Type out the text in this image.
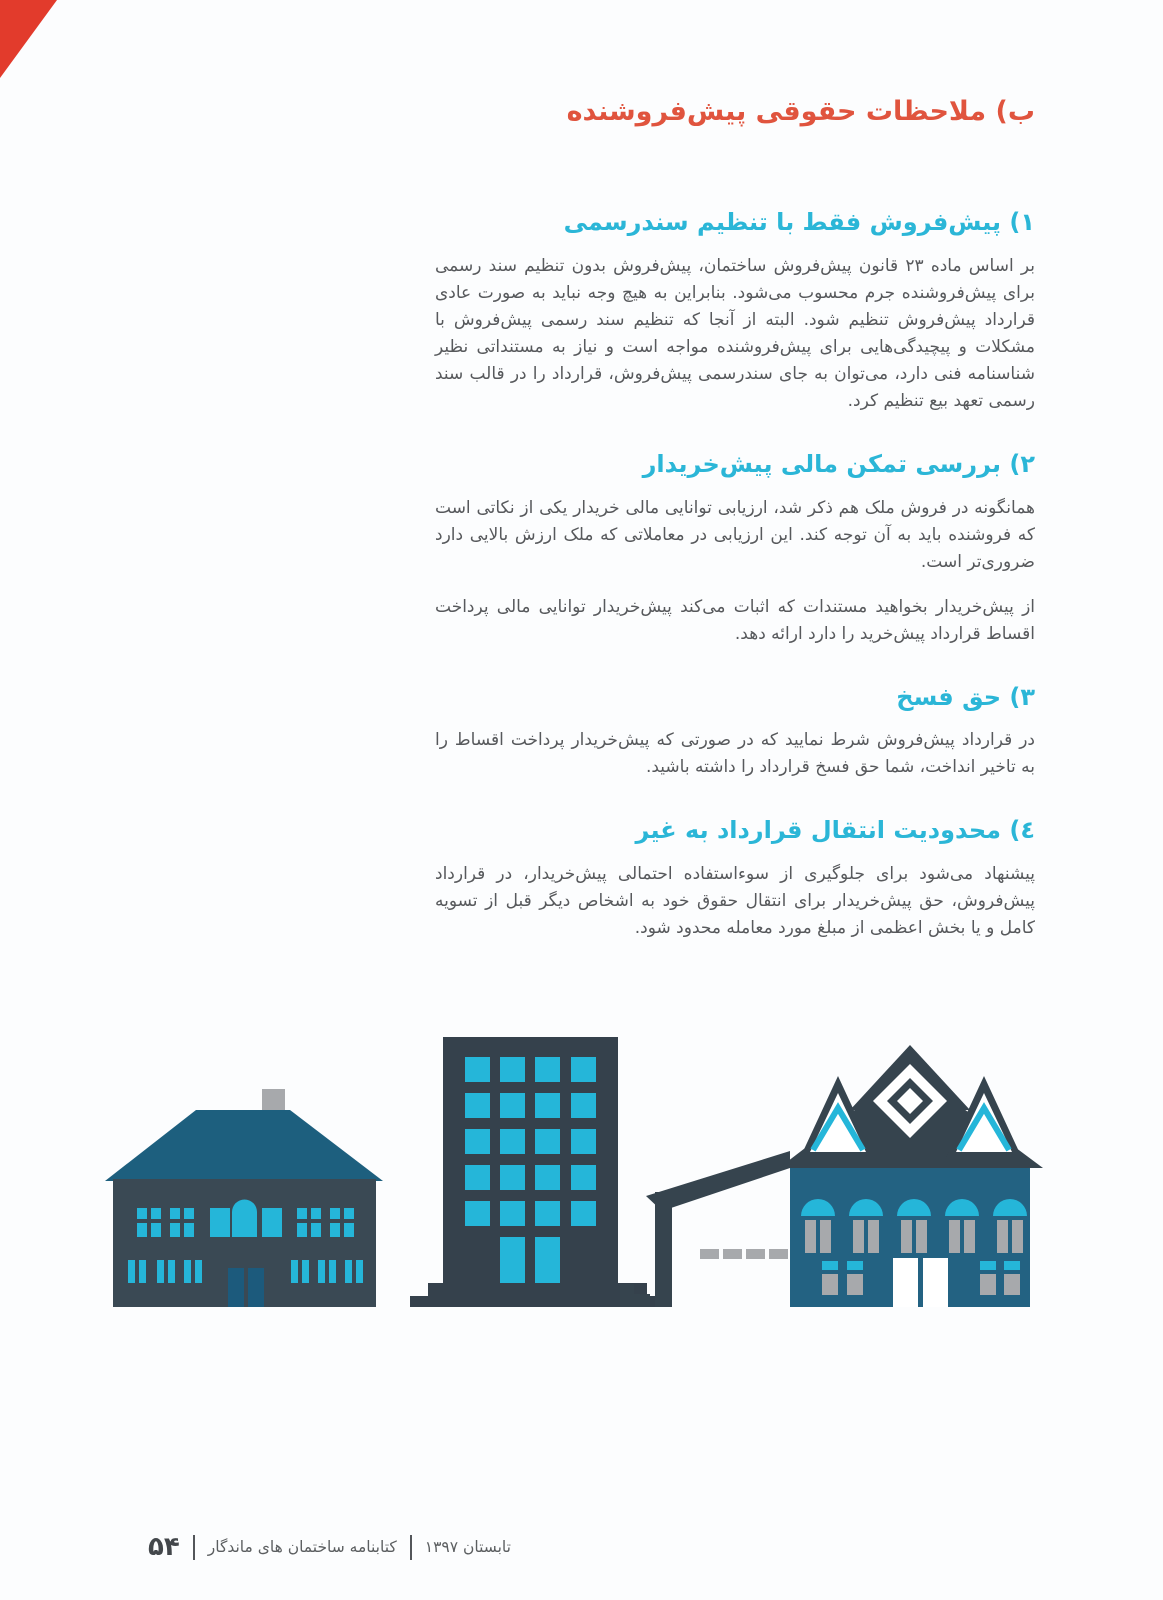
ب) ملاحظات حقوقی پیش‌فروشنده
۱) پیش‌فروش فقط با تنظیم سندرسمی

بر اساس ماده ۲۳ قانون پیش‌فروش ساختمان، پیش‌فروش بدون تنظیم سند رسمی برای پیش‌فروشنده جرم محسوب می‌شود. بنابراین به هیچ وجه نباید به صورت عادی قرارداد پیش‌فروش تنظیم شود. البته از آنجا که تنظیم سند رسمی پیش‌فروش با مشکلات و پیچیدگی‌هایی برای پیش‌فروشنده مواجه است و نیاز به مستنداتی نظیر شناسنامه فنی دارد، می‌توان به جای سندرسمی پیش‌فروش، قرارداد را در قالب سند رسمی تعهد بیع تنظیم کرد.

۲) بررسی تمکن مالی پیش‌خریدار

همانگونه در فروش ملک هم ذکر شد، ارزیابی توانایی مالی خریدار یکی از نکاتی است که فروشنده باید به آن توجه کند. این ارزیابی در معاملاتی که ملک ارزش بالایی دارد ضروری‌تر است.

از پیش‌خریدار بخواهید مستندات که اثبات می‌کند پیش‌خریدار توانایی مالی پرداخت اقساط قرارداد پیش‌خرید را دارد ارائه دهد.

۳) حق فسخ

در قرارداد پیش‌فروش شرط نمایید که در صورتی که پیش‌خریدار پرداخت اقساط را به تاخیر انداخت، شما حق فسخ قرارداد را داشته باشید.

٤) محدودیت انتقال قرارداد به غیر

پیشنهاد می‌شود برای جلوگیری از سوءاستفاده احتمالی پیش‌خریدار، در قرارداد پیش‌فروش، حق پیش‌خریدار برای انتقال حقوق خود به اشخاص دیگر قبل از تسویه کامل و یا بخش اعظمی از مبلغ مورد معامله محدود شود.

تابستان ۱۳۹۷
کتابنامه ساختمان های ماندگار
۵۴
